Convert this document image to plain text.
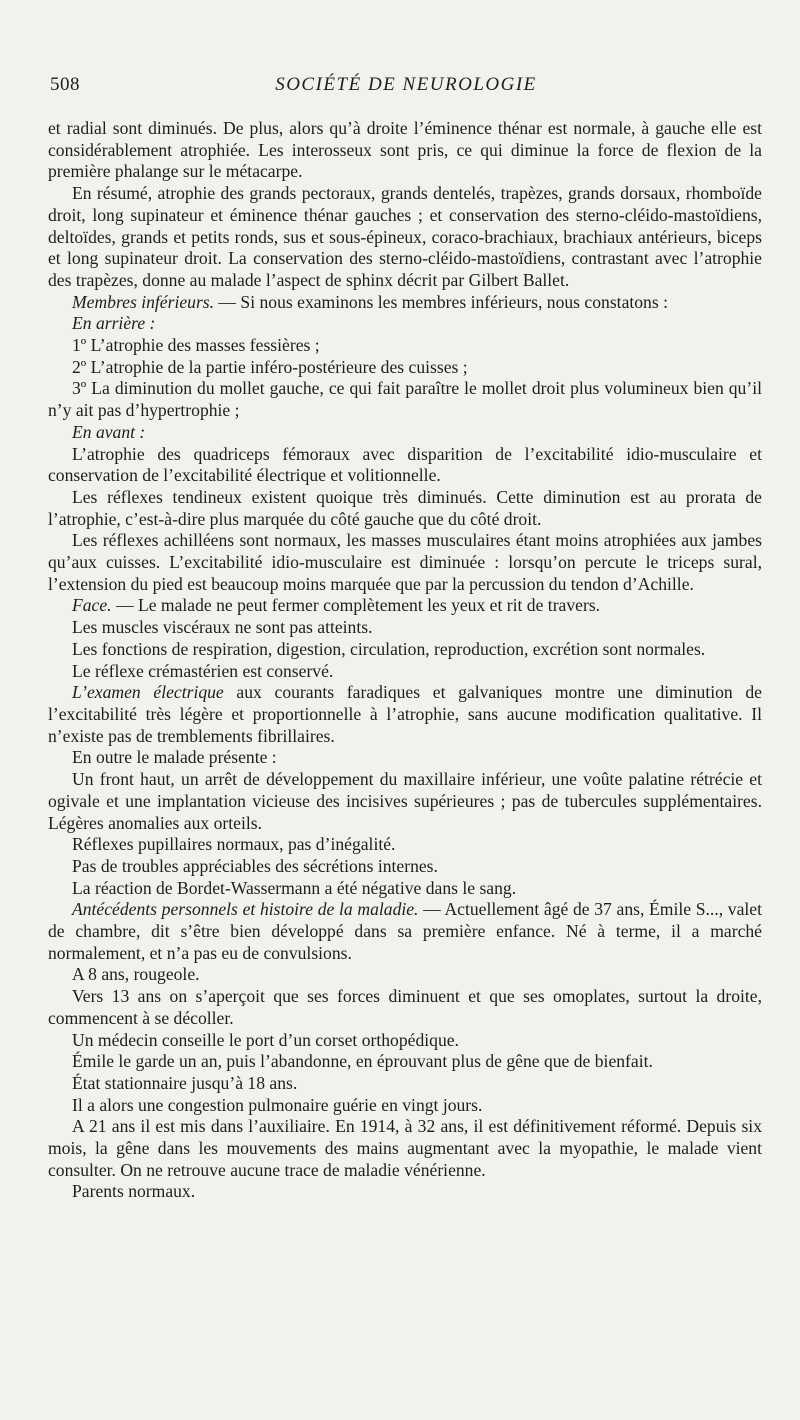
508	SOCIÉTÉ DE NEUROLOGIE

et radial sont diminués. De plus, alors qu’à droite l’éminence thénar est normale, à gauche elle est considérablement atrophiée. Les interosseux sont pris, ce qui diminue la force de flexion de la première phalange sur le métacarpe.

En résumé, atrophie des grands pectoraux, grands dentelés, trapèzes, grands dorsaux, rhomboïde droit, long supinateur et éminence thénar gauches ; et conservation des sterno-cléido-mastoïdiens, deltoïdes, grands et petits ronds, sus et sous-épineux, coraco-brachiaux, brachiaux antérieurs, biceps et long supinateur droit. La conservation des sterno-cléido-mastoïdiens, contrastant avec l’atrophie des trapèzes, donne au malade l’aspect de sphinx décrit par Gilbert Ballet.

Membres inférieurs. — Si nous examinons les membres inférieurs, nous constatons :

En arrière :

1º L’atrophie des masses fessières ;

2º L’atrophie de la partie inféro-postérieure des cuisses ;

3º La diminution du mollet gauche, ce qui fait paraître le mollet droit plus volumineux bien qu’il n’y ait pas d’hypertrophie ;

En avant :

L’atrophie des quadriceps fémoraux avec disparition de l’excitabilité idio-musculaire et conservation de l’excitabilité électrique et volitionnelle.

Les réflexes tendineux existent quoique très diminués. Cette diminution est au prorata de l’atrophie, c’est-à-dire plus marquée du côté gauche que du côté droit.

Les réflexes achilléens sont normaux, les masses musculaires étant moins atrophiées aux jambes qu’aux cuisses. L’excitabilité idio-musculaire est diminuée : lorsqu’on percute le triceps sural, l’extension du pied est beaucoup moins marquée que par la percussion du tendon d’Achille.

Face. — Le malade ne peut fermer complètement les yeux et rit de travers.

Les muscles viscéraux ne sont pas atteints.

Les fonctions de respiration, digestion, circulation, reproduction, excrétion sont normales.

Le réflexe crémastérien est conservé.

L’examen électrique aux courants faradiques et galvaniques montre une diminution de l’excitabilité très légère et proportionnelle à l’atrophie, sans aucune modification qualitative. Il n’existe pas de tremblements fibrillaires.

En outre le malade présente :

Un front haut, un arrêt de développement du maxillaire inférieur, une voûte palatine rétrécie et ogivale et une implantation vicieuse des incisives supérieures ; pas de tubercules supplémentaires. Légères anomalies aux orteils.

Réflexes pupillaires normaux, pas d’inégalité.

Pas de troubles appréciables des sécrétions internes.

La réaction de Bordet-Wassermann a été négative dans le sang.

Antécédents personnels et histoire de la maladie. — Actuellement âgé de 37 ans, Émile S..., valet de chambre, dit s’être bien développé dans sa première enfance. Né à terme, il a marché normalement, et n’a pas eu de convulsions.

A 8 ans, rougeole.

Vers 13 ans on s’aperçoit que ses forces diminuent et que ses omoplates, surtout la droite, commencent à se décoller.

Un médecin conseille le port d’un corset orthopédique.

Émile le garde un an, puis l’abandonne, en éprouvant plus de gêne que de bienfait.

État stationnaire jusqu’à 18 ans.

Il a alors une congestion pulmonaire guérie en vingt jours.

A 21 ans il est mis dans l’auxiliaire. En 1914, à 32 ans, il est définitivement réformé. Depuis six mois, la gêne dans les mouvements des mains augmentant avec la myopathie, le malade vient consulter. On ne retrouve aucune trace de maladie vénérienne.

Parents normaux.
